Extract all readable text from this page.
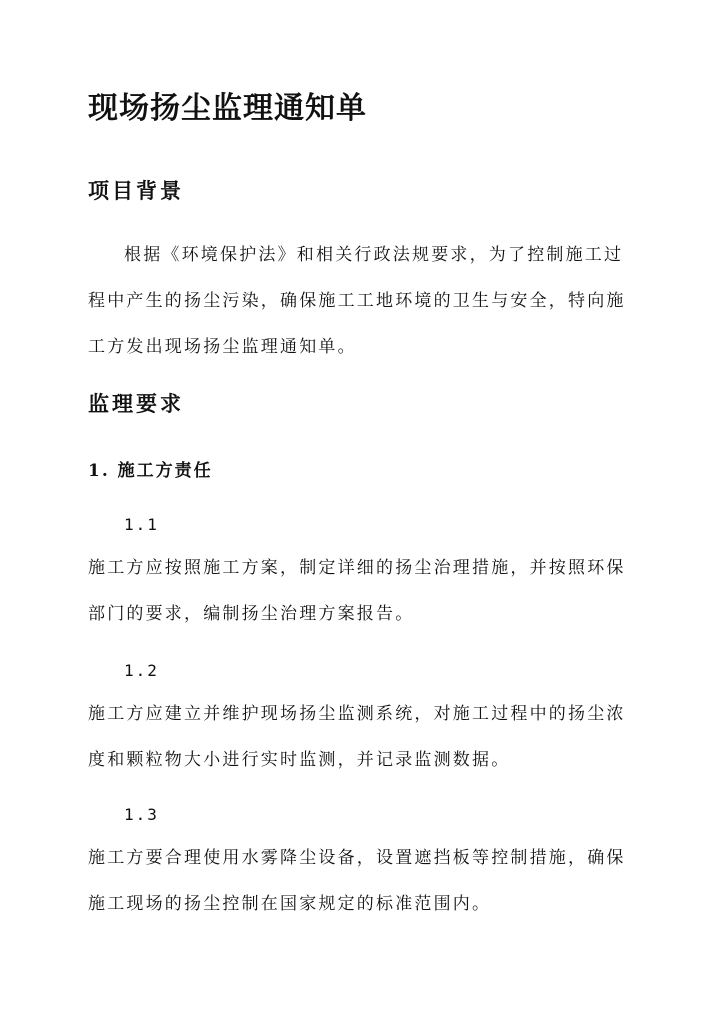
现场扬尘监理通知单
项目背景

根据《环境保护法》和相关行政法规要求，为了控制施工过程中产生的扬尘污染，确保施工工地环境的卫生与安全，特向施工方发出现场扬尘监理通知单。

监理要求
1. 施工方责任
1.1

施工方应按照施工方案，制定详细的扬尘治理措施，并按照环保部门的要求，编制扬尘治理方案报告。

1.2

施工方应建立并维护现场扬尘监测系统，对施工过程中的扬尘浓度和颗粒物大小进行实时监测，并记录监测数据。

1.3

施工方要合理使用水雾降尘设备，设置遮挡板等控制措施，确保施工现场的扬尘控制在国家规定的标准范围内。
